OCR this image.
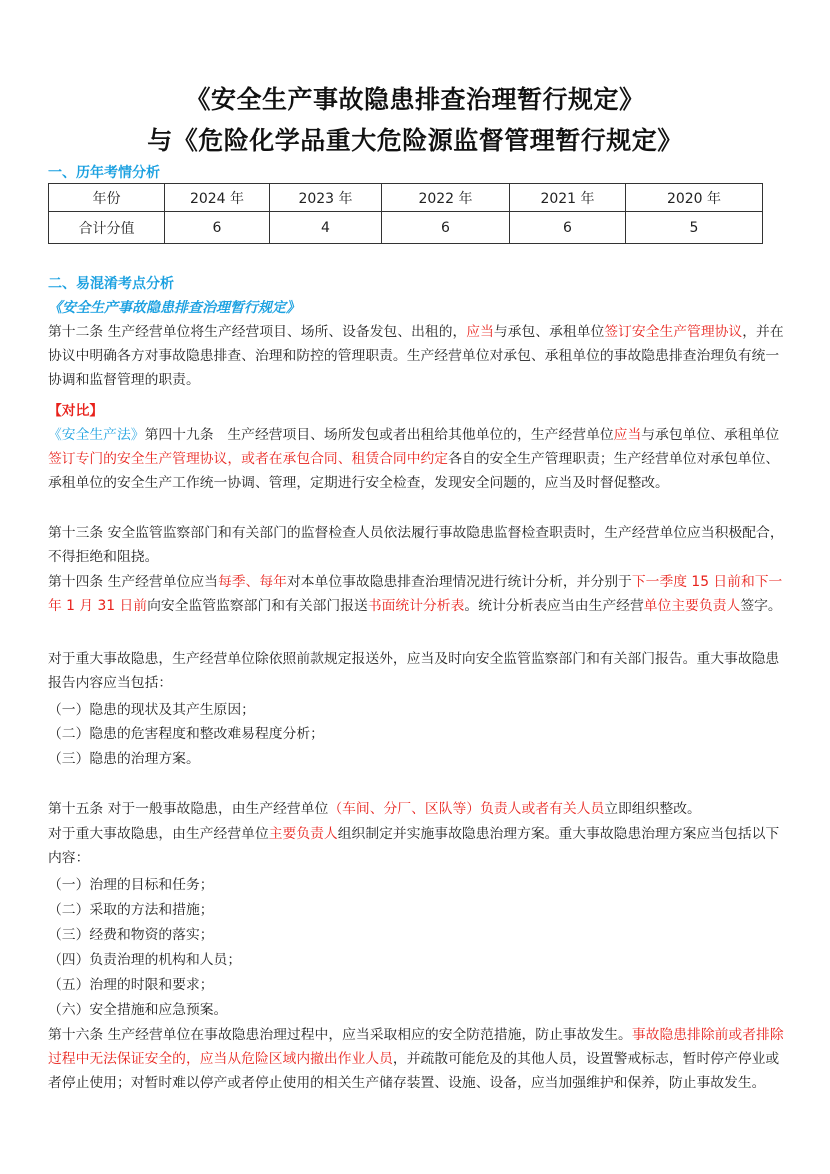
《安全生产事故隐患排查治理暂行规定》
与《危险化学品重大危险源监督管理暂行规定》
一、历年考情分析
年份	2024 年	2023 年	2022 年	2021 年	2020 年
合计分值	6	4	6	6	5
二、易混淆考点分析
《安全生产事故隐患排查治理暂行规定》
第十二条 生产经营单位将生产经营项目、场所、设备发包、出租的，应当与承包、承租单位签订安全生产管理协议，并在协议中明确各方对事故隐患排查、治理和防控的管理职责。生产经营单位对承包、承租单位的事故隐患排查治理负有统一协调和监督管理的职责。
【对比】
《安全生产法》第四十九条　生产经营项目、场所发包或者出租给其他单位的，生产经营单位应当与承包单位、承租单位签订专门的安全生产管理协议，或者在承包合同、租赁合同中约定各自的安全生产管理职责；生产经营单位对承包单位、承租单位的安全生产工作统一协调、管理，定期进行安全检查，发现安全问题的，应当及时督促整改。
第十三条 安全监管监察部门和有关部门的监督检查人员依法履行事故隐患监督检查职责时，生产经营单位应当积极配合，不得拒绝和阻挠。
第十四条 生产经营单位应当每季、每年对本单位事故隐患排查治理情况进行统计分析，并分别于下一季度 15 日前和下一年 1 月 31 日前向安全监管监察部门和有关部门报送书面统计分析表。统计分析表应当由生产经营单位主要负责人签字。
对于重大事故隐患，生产经营单位除依照前款规定报送外，应当及时向安全监管监察部门和有关部门报告。重大事故隐患报告内容应当包括：
（一）隐患的现状及其产生原因；
（二）隐患的危害程度和整改难易程度分析；
（三）隐患的治理方案。
第十五条 对于一般事故隐患，由生产经营单位（车间、分厂、区队等）负责人或者有关人员立即组织整改。
对于重大事故隐患，由生产经营单位主要负责人组织制定并实施事故隐患治理方案。重大事故隐患治理方案应当包括以下内容：
（一）治理的目标和任务；
（二）采取的方法和措施；
（三）经费和物资的落实；
（四）负责治理的机构和人员；
（五）治理的时限和要求；
（六）安全措施和应急预案。
第十六条 生产经营单位在事故隐患治理过程中，应当采取相应的安全防范措施，防止事故发生。事故隐患排除前或者排除过程中无法保证安全的，应当从危险区域内撤出作业人员，并疏散可能危及的其他人员，设置警戒标志，暂时停产停业或者停止使用；对暂时难以停产或者停止使用的相关生产储存装置、设施、设备，应当加强维护和保养，防止事故发生。
